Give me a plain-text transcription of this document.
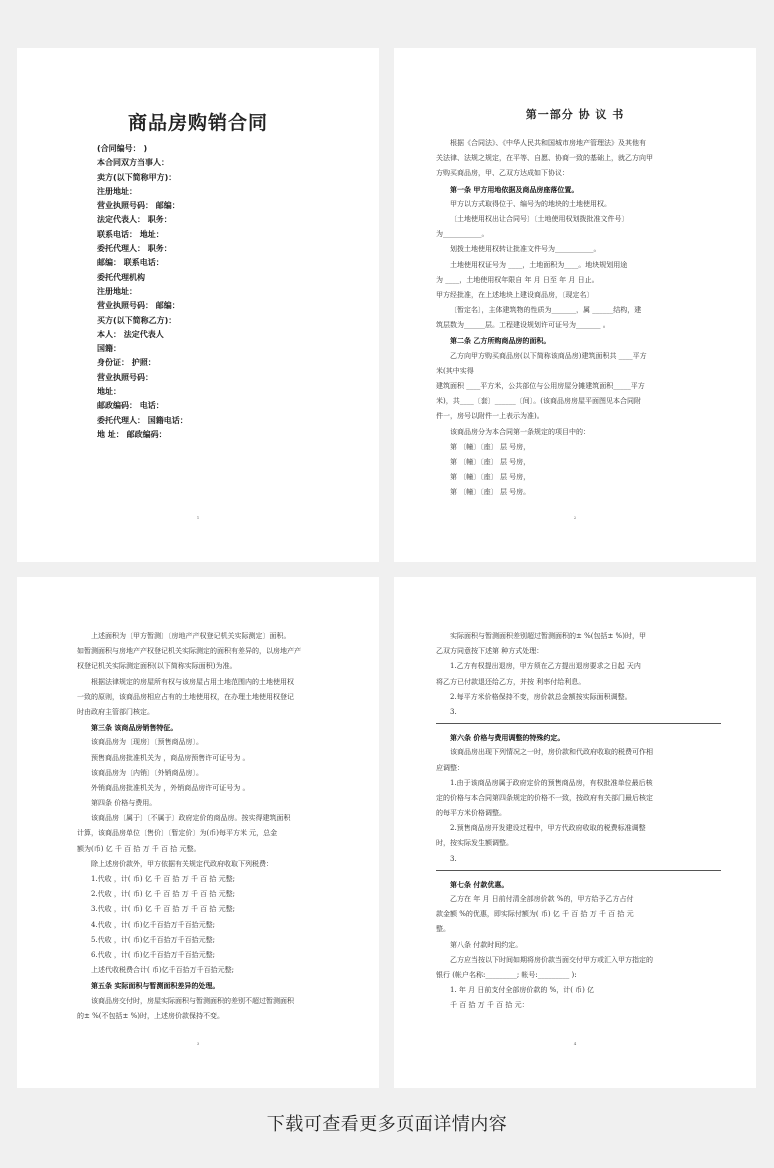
商品房购销合同
(合同编号： )
本合同双方当事人：
卖方(以下简称甲方)：
注册地址：
营业执照号码： 邮编：
法定代表人： 职务：
联系电话： 地址：
委托代理人： 职务：
邮编： 联系电话：
委托代理机构
注册地址：
营业执照号码： 邮编：
买方(以下简称乙方)：
本人： 法定代表人
国籍：
身份证： 护照：
营业执照号码：
地址：
邮政编码： 电话：
委托代理人： 国籍电话：
地 址： 邮政编码：
1
第一部分 协 议 书
根据《合同法》、《中华人民共和国城市房地产管理法》及其他有
关法律、法规之规定，在平等、自愿、协商一致的基础上，就乙方向甲
方购买商品房，甲、乙双方达成如下协议：
第一条 甲方用地依据及商品房座落位置。
甲方以方式取得位于、编号为的地块的土地使用权。
〔土地使用权出让合同号〕〔土地使用权划拨批准文件号〕
为___________。
划拨土地使用权转让批准文件号为___________。
土地使用权证号为 ____，土地面积为____。地块规划用途
为 ____，土地使用权年限自 年 月 日至 年 月 日止。
甲方经批准，在上述地块上建设商品房，〔现定名〕
〔暂定名〕，主体建筑物的性质为_______，属 ______结构，建
筑层数为______层。工程建设规划许可证号为_______ 。
第二条 乙方所购商品房的面积。
乙方向甲方购买商品房(以下简称该商品房)建筑面积共 ____平方
米(其中实得
建筑面积 ____平方米，公共部位与公用房屋分摊建筑面积_____平方
米)，共____〔套〕______〔间〕。(该商品房房屋平面图见本合同附
件一，房号以附件一上表示为准)。
该商品房分为本合同第一条规定的项目中的：
第 〔幢〕〔座〕 层 号房，
第 〔幢〕〔座〕 层 号房，
第 〔幢〕〔座〕 层 号房，
第 〔幢〕〔座〕 层 号房。
2
上述面积为〔甲方暂测〕〔房地产产权登记机关实际测定〕面积。
如暂测面积与房地产产权登记机关实际测定的面积有差异的，以房地产产
权登记机关实际测定面积(以下简称实际面积)为准。
根据法律规定的房屋所有权与该房屋占用土地范围内的土地使用权
一致的原则，该商品房相应占有的土地使用权，在办理土地使用权登记
时由政府主管部门核定。
第三条 该商品房销售特征。
该商品房为〔现房〕〔预售商品房〕。
预售商品房批准机关为 ，商品房预售许可证号为 。
该商品房为〔内销〕〔外销商品房〕。
外销商品房批准机关为 ，外销商品房许可证号为 。
第四条 价格与费用。
该商品房〔属于〕〔不属于〕政府定价的商品房。按实得建筑面积
计算，该商品房单位〔售价〕〔暂定价〕为(币)每平方米 元，总金
额为(币) 亿 千 百 拾 万 千 百 拾 元整。
除上述房价款外，甲方依据有关规定代政府收取下列税费：
1.代收 ，计( 币) 亿 千 百 拾 万 千 百 拾 元整;
2.代收 ，计( 币) 亿 千 百 拾 万 千 百 拾 元整;
3.代收 ，计( 币) 亿 千 百 拾 万 千 百 拾 元整;
4.代收 ，计( 币)亿千百拾万千百拾元整;
5.代收 ，计( 币)亿千百拾万千百拾元整;
6.代收 ，计( 币)亿千百拾万千百拾元整;
上述代收税费合计( 币)亿千百拾万千百拾元整;
第五条 实际面积与暂测面积差异的处理。
该商品房交付时，房屋实际面积与暂测面积的差别不超过暂测面积
的± %(不包括± %)时，上述房价款保持不变。
3
实际面积与暂测面积差别超过暂测面积的± %(包括± %)时，甲
乙双方同意按下述第 种方式处理：
1.乙方有权提出退房，甲方须在乙方提出退房要求之日起 天内
将乙方已付款退还给乙方，并按 利率付给利息。
2.每平方米价格保持不变，房价款总金额按实际面积调整。
3.
第六条 价格与费用调整的特殊约定。
该商品房出现下列情况之一时，房价款和代政府收取的税费可作相
应调整：
1.由于该商品房属于政府定价的预售商品房，有权批准单位最后核
定的价格与本合同第四条规定的价格不一致，按政府有关部门最后核定
的每平方米价格调整。
2.预售商品房开发建设过程中，甲方代政府收取的税费标准调整
时，按实际发生额调整。
3.
第七条 付款优惠。
乙方在 年 月 日前付清全部房价款 %的，甲方给予乙方占付
款金额 %的优惠，即实际付额为( 币) 亿 千 百 拾 万 千 百 拾 元
整。
第八条 付款时间约定。
乙方应当按以下时间如期将房价款当面交付甲方或汇入甲方指定的
银行 (帐户名称:_________; 帐号:_________ ):
1. 年 月 日前支付全部房价款的 %，计( 币) 亿
千 百 拾 万 千 百 拾 元：
4
下载可查看更多页面详情内容
